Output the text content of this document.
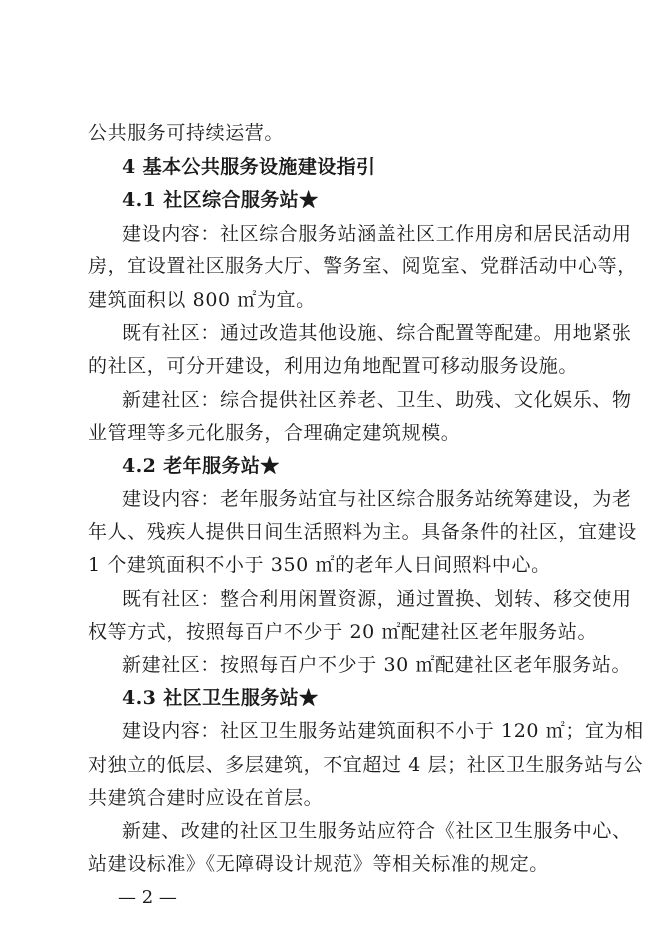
公共服务可持续运营。
4 基本公共服务设施建设指引
4.1 社区综合服务站★
建设内容：社区综合服务站涵盖社区工作用房和居民活动用
房，宜设置社区服务大厅、警务室、阅览室、党群活动中心等，
建筑面积以 800 ㎡为宜。
既有社区：通过改造其他设施、综合配置等配建。用地紧张
的社区，可分开建设，利用边角地配置可移动服务设施。
新建社区：综合提供社区养老、卫生、助残、文化娱乐、物
业管理等多元化服务，合理确定建筑规模。
4.2 老年服务站★
建设内容：老年服务站宜与社区综合服务站统筹建设，为老
年人、残疾人提供日间生活照料为主。具备条件的社区，宜建设
1 个建筑面积不小于 350 ㎡的老年人日间照料中心。
既有社区：整合利用闲置资源，通过置换、划转、移交使用
权等方式，按照每百户不少于 20 ㎡配建社区老年服务站。
新建社区：按照每百户不少于 30 ㎡配建社区老年服务站。
4.3 社区卫生服务站★
建设内容：社区卫生服务站建筑面积不小于 120 ㎡；宜为相
对独立的低层、多层建筑，不宜超过 4 层；社区卫生服务站与公
共建筑合建时应设在首层。
新建、改建的社区卫生服务站应符合《社区卫生服务中心、
站建设标准》《无障碍设计规范》等相关标准的规定。
— 2 —
